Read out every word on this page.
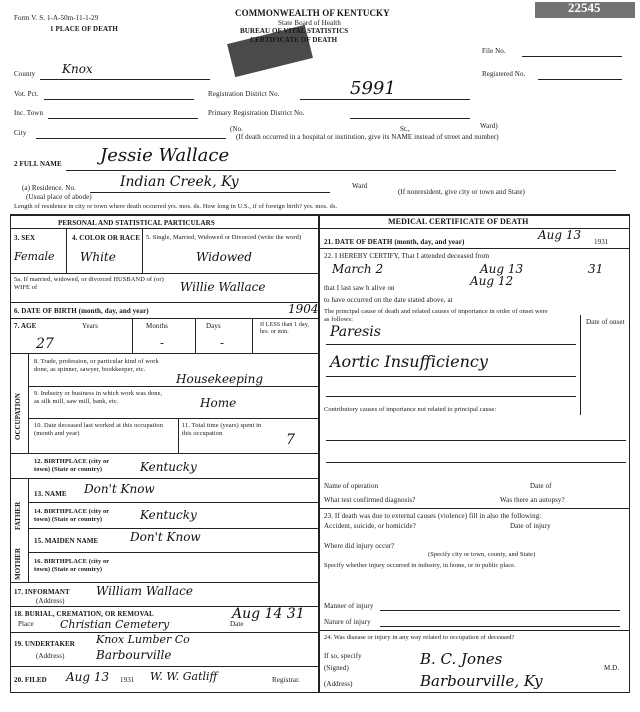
Form V. S. 1-A-50m-11-1-29
1 PLACE OF DEATH
COMMONWEALTH OF KENTUCKY
State Board of Health
BUREAU OF VITAL STATISTICS
CERTIFICATE OF DEATH
22545
File No.
Registered No.
County Knox
Vot. Pct.	Registration District No.	5991
Inc. Town	Primary Registration District No.
City	(No.	St.,	Ward)
(If death occurred in a hospital or institution, give its NAME instead of street and number)
2 FULL NAME Jessie Wallace
(a) Residence. No.
(Usual place of abode)
Indian Creek, Ky	Ward
(If nonresident, give city or town and State)
Length of residence in city or town where death occurred yrs. mos. ds. How long in U.S., if of foreign birth? yrs. mos. ds.
PERSONAL AND STATISTICAL PARTICULARS	MEDICAL CERTIFICATE OF DEATH
3. SEX	4. COLOR OR RACE 5. Single, Married, Widowed or Divorced (write the word)
Female White	Widowed
5a. If married, widowed, or divorced HUSBAND of (or) WIFE of	Willie Wallace
6. DATE OF BIRTH (month, day, and year)	1904
7. AGE	Years	Months	Days	If LESS than 1 day, hrs. or min.
27	-	-
OCCUPATION
8. Trade, profession, or particular kind of work done, as spinner, sawyer, bookkeeper, etc.
Housekeeping
9. Industry or business in which work was done, as silk mill, saw mill, bank, etc.	Home
10. Date deceased last worked at this occupation (month and year)
11. Total time (years) spent in this occupation	7
12. BIRTHPLACE (city or town) (State or country)	Kentucky
FATHER
MOTHER
13. NAME Don't Know
14. BIRTHPLACE (city or town) (State or country)	Kentucky
15. MAIDEN NAME	Don't Know
16. BIRTHPLACE (city or town) (State or country)
17. INFORMANT
(Address)
William Wallace
18. BURIAL, CREMATION, OR REMOVAL
Place	Date
Christian Cemetery
Aug 14 31
19. UNDERTAKER
(Address)
Knox Lumber Co
Barbourville
20. FILED Aug 13 1931 W. W. Gatliff	Registrar.
21. DATE OF DEATH (month, day, and year)	Aug 13 1931
22. I HEREBY CERTIFY, That I attended deceased from
March 2	Aug 13	31
that I last saw h alive on	Aug 12
to have occurred on the date stated above, at
The principal cause of death and related causes of importance in order of onset were as follows:	Date of onset
Paresis
Aortic Insufficiency
Contributory causes of importance not related to principal cause:
Name of operation	Date of
What test confirmed diagnosis?	Was there an autopsy?
23. If death was due to external causes (violence) fill in also the following:
Accident, suicide, or homicide?	Date of injury
Where did injury occur?
(Specify city or town, county, and State)
Specify whether injury occurred in industry, in home, or in public place.
Manner of injury
Nature of injury
24. Was disease or injury in any way related to occupation of deceased?
If so, specify
(Signed)	B. C. Jones	M.D.
(Address)	Barbourville, Ky
